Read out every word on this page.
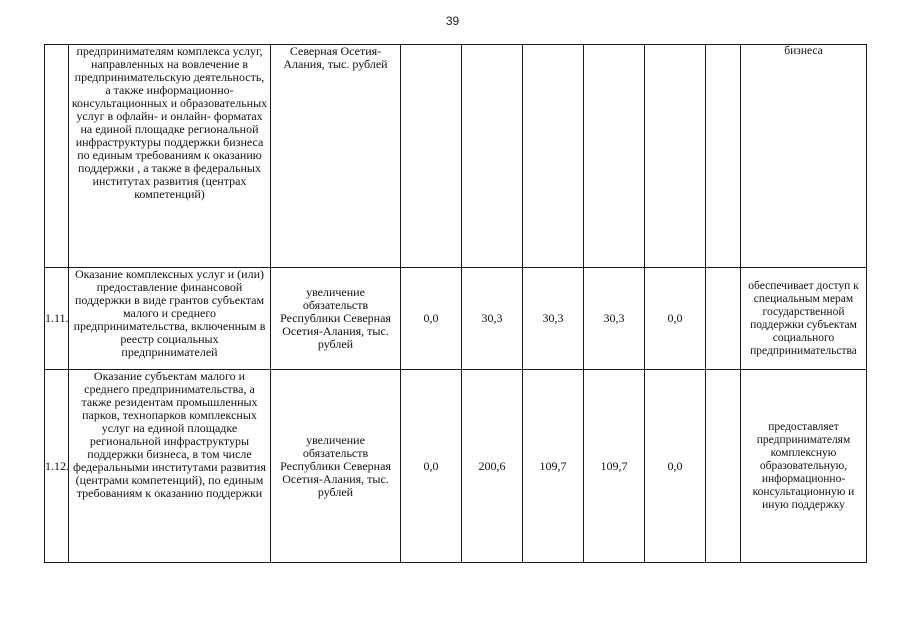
39
	предпринимателям комплекса услуг, направленных на вовлечение в предпринимательскую деятельность, а также информационно-консультационных и образовательных услуг в офлайн- и онлайн- форматах на единой площадке региональной инфраструктуры поддержки бизнеса по единым требованиям к оказанию поддержки , а также в федеральных институтах развития (центрах компетенций)	Северная Осетия-Алания, тыс. рублей							бизнеса
1.11.	Оказание комплексных услуг и (или) предоставление финансовой поддержки в виде грантов субъектам малого и среднего предпринимательства, включенным в реестр социальных предпринимателей	увеличение обязательств Республики Северная Осетия-Алания, тыс. рублей	0,0	30,3	30,3	30,3	0,0		обеспечивает доступ к специальным мерам государственной поддержки субъектам социального предпринимательства
1.12.	Оказание субъектам малого и среднего предпринимательства, а также резидентам промышленных парков, технопарков комплексных услуг на единой площадке региональной инфраструктуры поддержки бизнеса, в том числе федеральными институтами развития (центрами компетенций), по единым требованиям к оказанию поддержки	увеличение обязательств Республики Северная Осетия-Алания, тыс. рублей	0,0	200,6	109,7	109,7	0,0		предоставляет предпринимателям комплексную образовательную, информационно-консультационную и иную поддержку
